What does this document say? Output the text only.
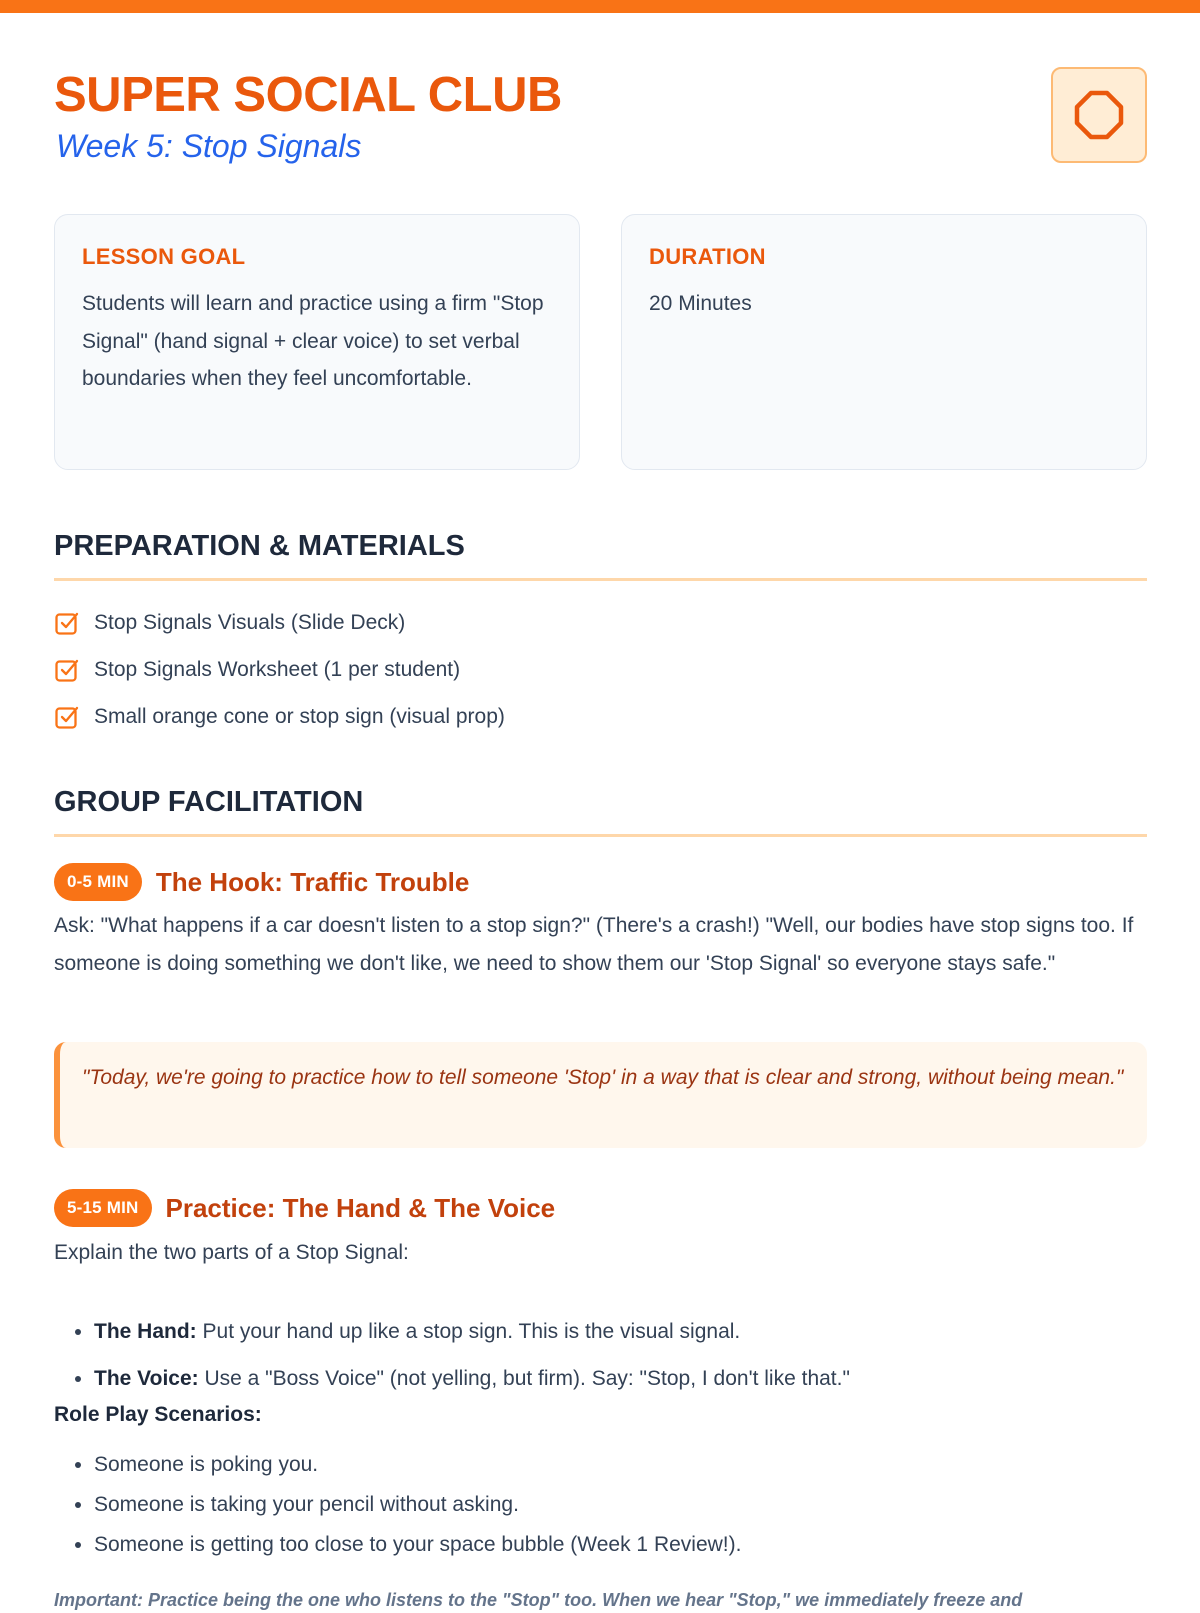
SUPER SOCIAL CLUB

Week 5: Stop Signals

LESSON GOAL

Students will learn and practice using a firm "Stop Signal" (hand signal + clear voice) to set verbal boundaries when they feel uncomfortable.

DURATION

20 Minutes

PREPARATION & MATERIALS
Stop Signals Visuals (Slide Deck)
Stop Signals Worksheet (1 per student)
Small orange cone or stop sign (visual prop)
GROUP FACILITATION
0-5 MIN	The Hook: Traffic Trouble

Ask: "What happens if a car doesn't listen to a stop sign?" (There's a crash!) "Well, our bodies have stop signs too. If someone is doing something we don't like, we need to show them our 'Stop Signal' so everyone stays safe."

"Today, we're going to practice how to tell someone 'Stop' in a way that is clear and strong, without being mean."
5-15 MIN	Practice: The Hand & The Voice

Explain the two parts of a Stop Signal:

• The Hand: Put your hand up like a stop sign. This is the visual signal.
• The Voice: Use a "Boss Voice" (not yelling, but firm). Say: "Stop, I don't like that."

Role Play Scenarios:

• Someone is poking you.
• Someone is taking your pencil without asking.
• Someone is getting too close to your space bubble (Week 1 Review!).

Important: Practice being the one who listens to the "Stop" too. When we hear "Stop," we immediately freeze and
